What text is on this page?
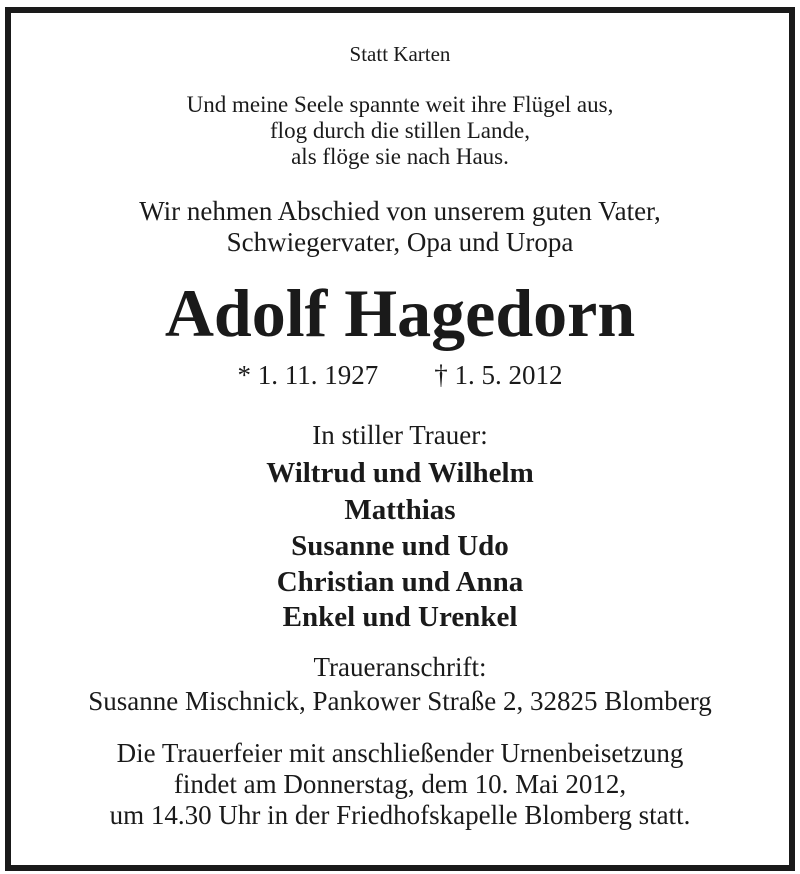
Statt Karten
Und meine Seele spannte weit ihre Flügel aus,
flog durch die stillen Lande,
als flöge sie nach Haus.
Wir nehmen Abschied von unserem guten Vater,
Schwiegervater, Opa und Uropa
Adolf Hagedorn
* 1. 11. 1927 † 1. 5. 2012
In stiller Trauer:
Wiltrud und Wilhelm
Matthias
Susanne und Udo
Christian und Anna
Enkel und Urenkel
Traueranschrift:
Susanne Mischnick, Pankower Straße 2, 32825 Blomberg
Die Trauerfeier mit anschließender Urnenbeisetzung
findet am Donnerstag, dem 10. Mai 2012,
um 14.30 Uhr in der Friedhofskapelle Blomberg statt.
